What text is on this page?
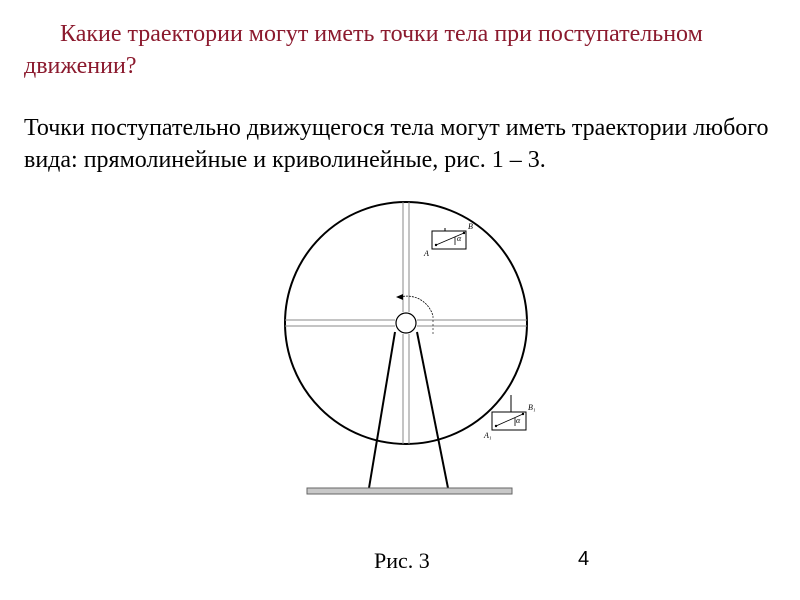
Какие траектории могут иметь точки тела при поступательном движении?

Точки поступательно движущегося тела могут иметь траектории любого вида: прямолинейные и криволинейные, рис. 1 – 3.

B
A
α
B₁
A₁
α
Рис. 3	4
